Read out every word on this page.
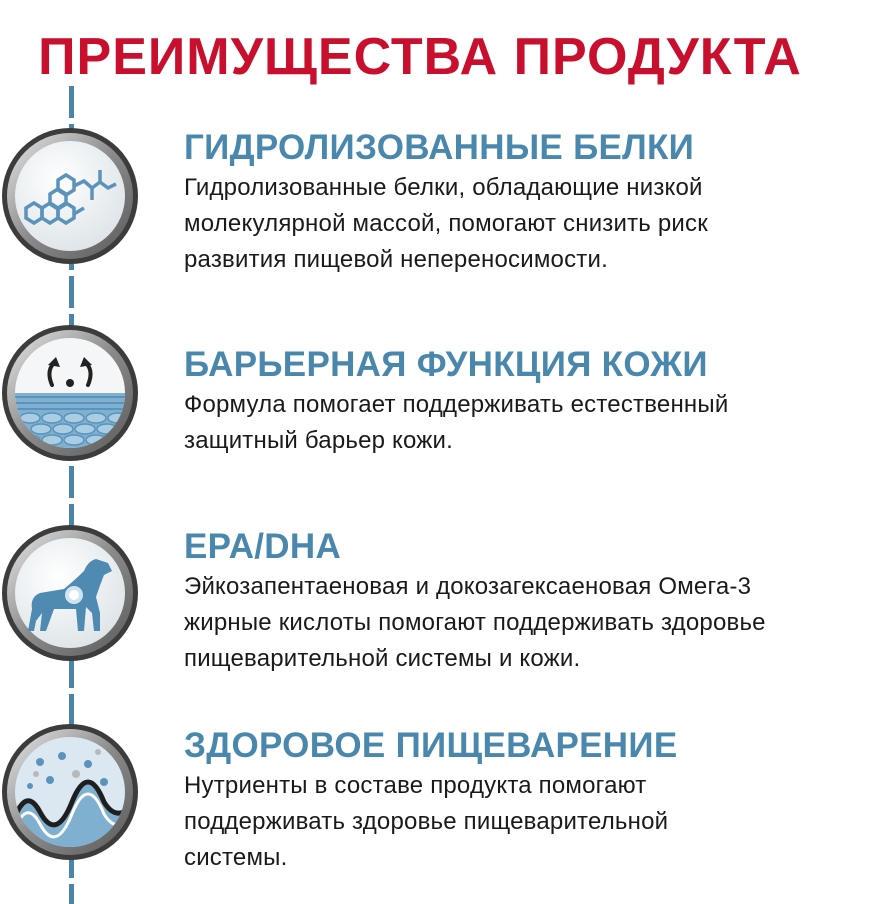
ПРЕИМУЩЕСТВА ПРОДУКТА
ГИДРОЛИЗОВАННЫЕ БЕЛКИ
Гидролизованные белки, обладающие низкой
молекулярной массой, помогают снизить риск
развития пищевой непереносимости.
БАРЬЕРНАЯ ФУНКЦИЯ КОЖИ
Формула помогает поддерживать естественный
защитный барьер кожи.
EPA/DHA
Эйкозапентаеновая и докозагексаеновая Омега-3
жирные кислоты помогают поддерживать здоровье
пищеварительной системы и кожи.
ЗДОРОВОЕ ПИЩЕВАРЕНИЕ
Нутриенты в составе продукта помогают
поддерживать здоровье пищеварительной
системы.
